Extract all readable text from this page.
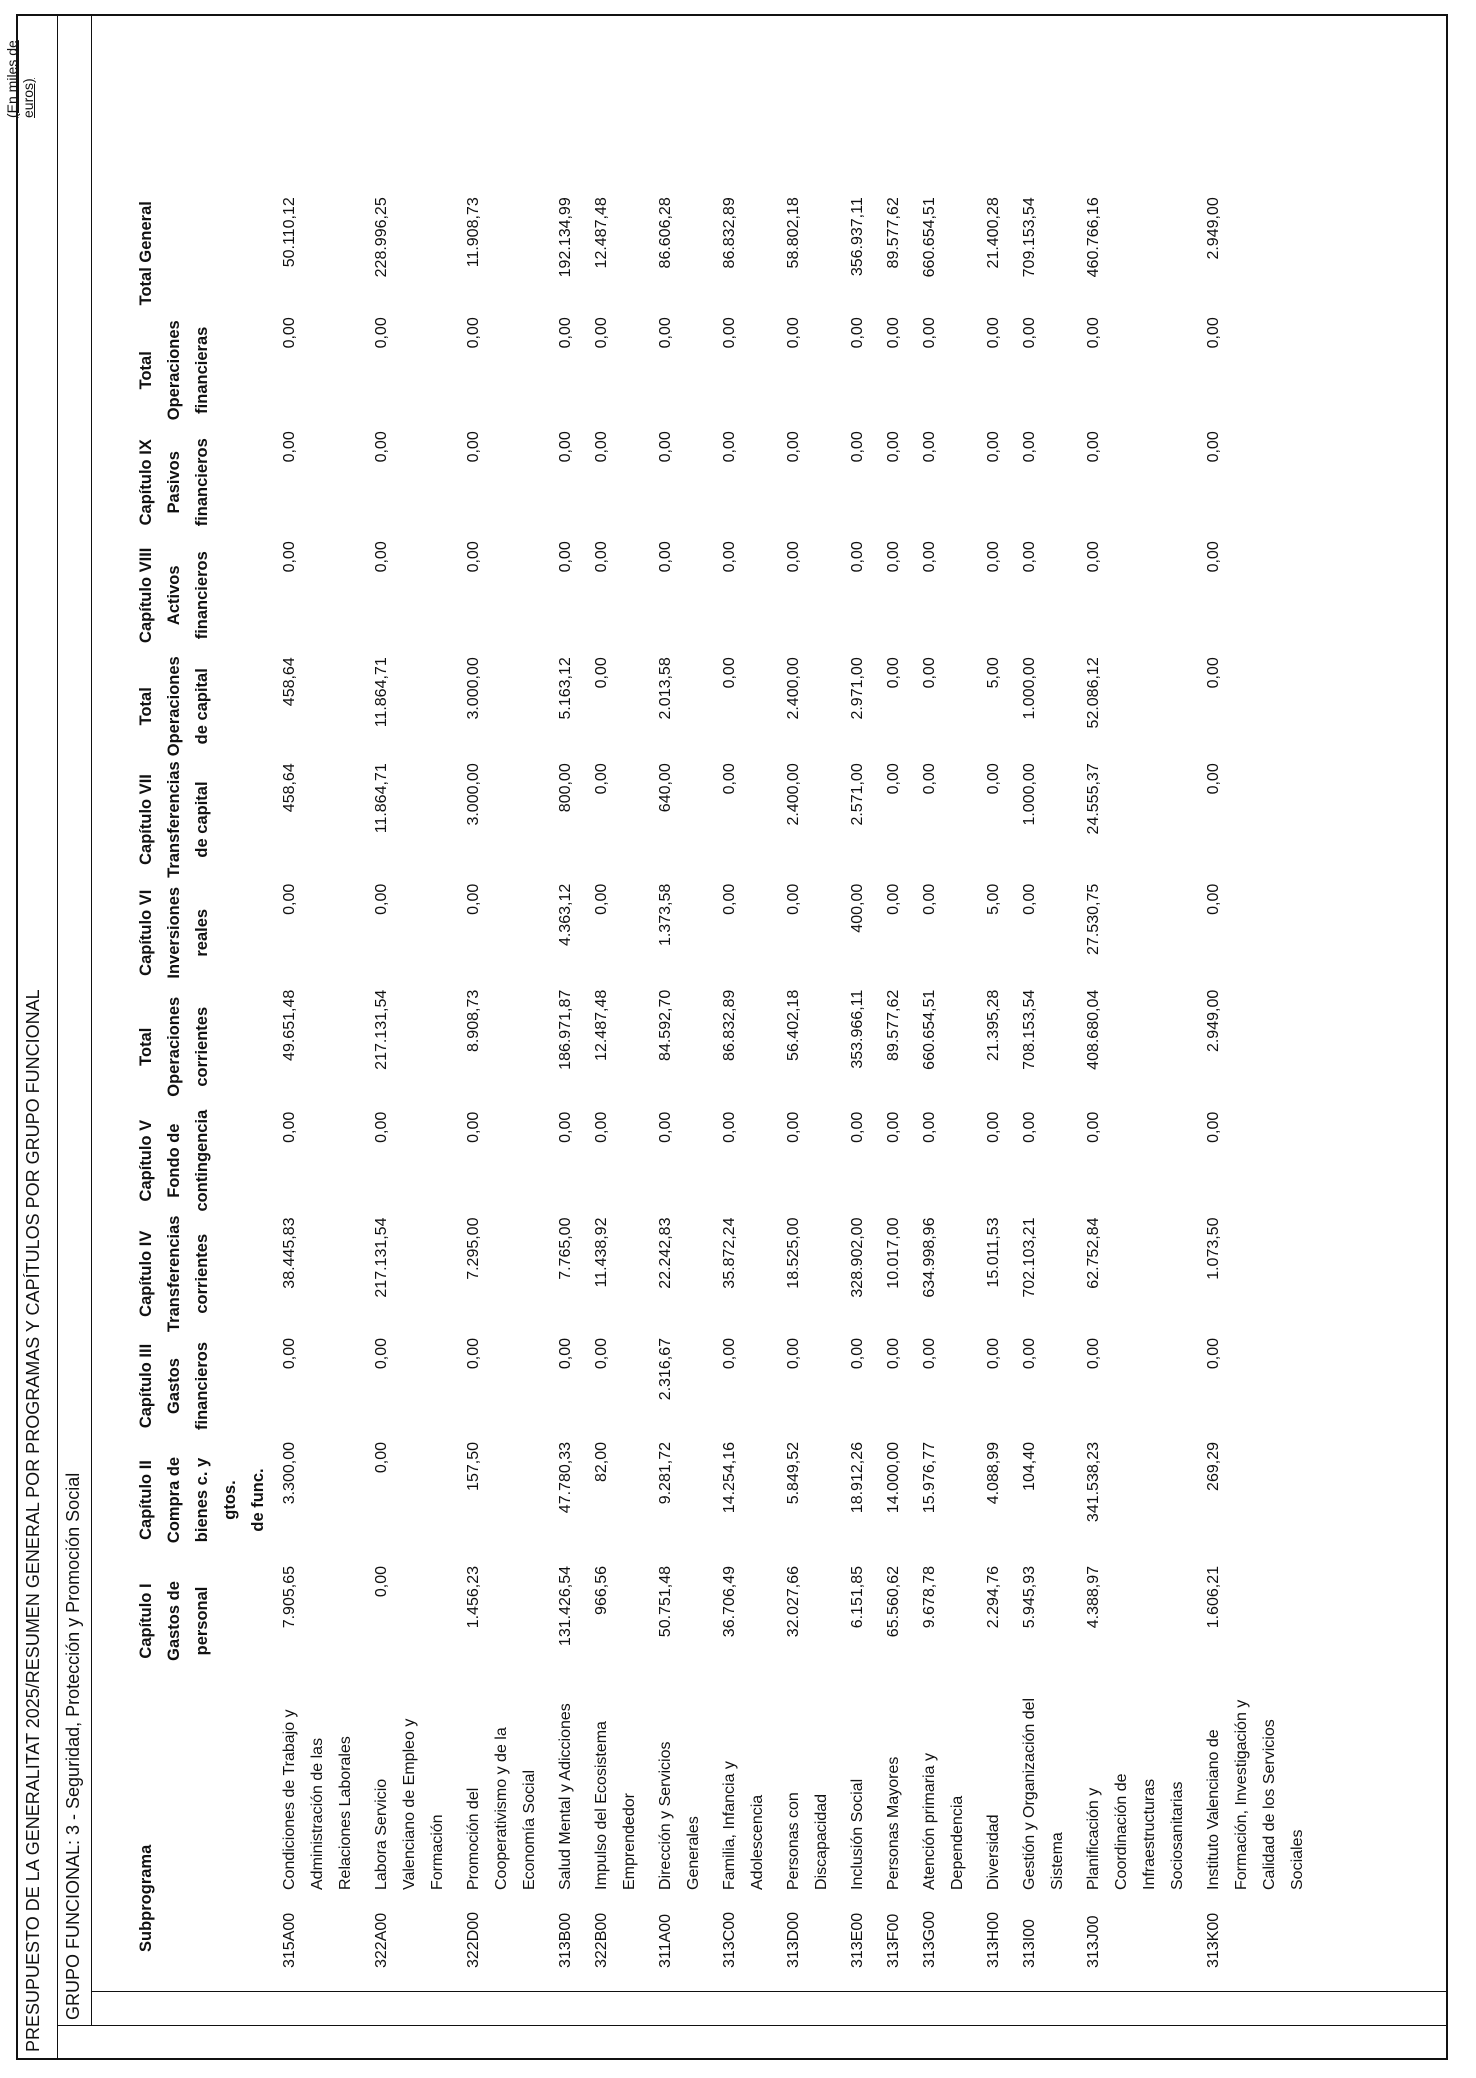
(En miles de euros)
PRESUPUESTO DE LA GENERALITAT 2025/RESUMEN GENERAL POR PROGRAMAS Y CAPÍTULOS POR GRUPO FUNCIONAL	GRUPO FUNCIONAL: 3 - Seguridad, Protección y Promoción Social	Subprograma		Capítulo I Gastos de personal	Capítulo II Compra de bienes c. y gtos. de func.	Capítulo III Gastos financieros	Capítulo IV Transferencias corrientes	Capítulo V Fondo de contingencia	Total Operaciones corrientes	Capítulo VI Inversiones reales	Capítulo VII Transferencias de capital	Total Operaciones de capital	Capítulo VIII Activos financieros	Capítulo IX Pasivos financieros	Total Operaciones financieras	Total General

315A00	Condiciones de Trabajo y Administración de las Relaciones Laborales	7.905,65	3.300,00	0,00	38.445,83	0,00	49.651,48	0,00	458,64	458,64	0,00	0,00	0,00	50.110,12
322A00	Labora Servicio Valenciano de Empleo y Formación	0,00	0,00	0,00	217.131,54	0,00	217.131,54	0,00	11.864,71	11.864,71	0,00	0,00	0,00	228.996,25
322D00	Promoción del Cooperativismo y de la Economía Social	1.456,23	157,50	0,00	7.295,00	0,00	8.908,73	0,00	3.000,00	3.000,00	0,00	0,00	0,00	11.908,73
313B00	Salud Mental y Adicciones	131.426,54	47.780,33	0,00	7.765,00	0,00	186.971,87	4.363,12	800,00	5.163,12	0,00	0,00	0,00	192.134,99
322B00	Impulso del Ecosistema Emprendedor	966,56	82,00	0,00	11.438,92	0,00	12.487,48	0,00	0,00	0,00	0,00	0,00	0,00	12.487,48
311A00	Dirección y Servicios Generales	50.751,48	9.281,72	2.316,67	22.242,83	0,00	84.592,70	1.373,58	640,00	2.013,58	0,00	0,00	0,00	86.606,28
313C00	Familia, Infancia y Adolescencia	36.706,49	14.254,16	0,00	35.872,24	0,00	86.832,89	0,00	0,00	0,00	0,00	0,00	0,00	86.832,89
313D00	Personas con Discapacidad	32.027,66	5.849,52	0,00	18.525,00	0,00	56.402,18	0,00	2.400,00	2.400,00	0,00	0,00	0,00	58.802,18
313E00	Inclusión Social	6.151,85	18.912,26	0,00	328.902,00	0,00	353.966,11	400,00	2.571,00	2.971,00	0,00	0,00	0,00	356.937,11
313F00	Personas Mayores	65.560,62	14.000,00	0,00	10.017,00	0,00	89.577,62	0,00	0,00	0,00	0,00	0,00	0,00	89.577,62
313G00	Atención primaria y Dependencia	9.678,78	15.976,77	0,00	634.998,96	0,00	660.654,51	0,00	0,00	0,00	0,00	0,00	0,00	660.654,51
313H00	Diversidad	2.294,76	4.088,99	0,00	15.011,53	0,00	21.395,28	5,00	0,00	5,00	0,00	0,00	0,00	21.400,28
313I00	Gestión y Organización del Sistema	5.945,93	104,40	0,00	702.103,21	0,00	708.153,54	0,00	1.000,00	1.000,00	0,00	0,00	0,00	709.153,54
313J00	Planificación y Coordinación de Infraestructuras Sociosanitarias	4.388,97	341.538,23	0,00	62.752,84	0,00	408.680,04	27.530,75	24.555,37	52.086,12	0,00	0,00	0,00	460.766,16
313K00	Instituto Valenciano de Formación, Investigación y Calidad de los Servicios Sociales	1.606,21	269,29	0,00	1.073,50	0,00	2.949,00	0,00	0,00	0,00	0,00	0,00	0,00	2.949,00
